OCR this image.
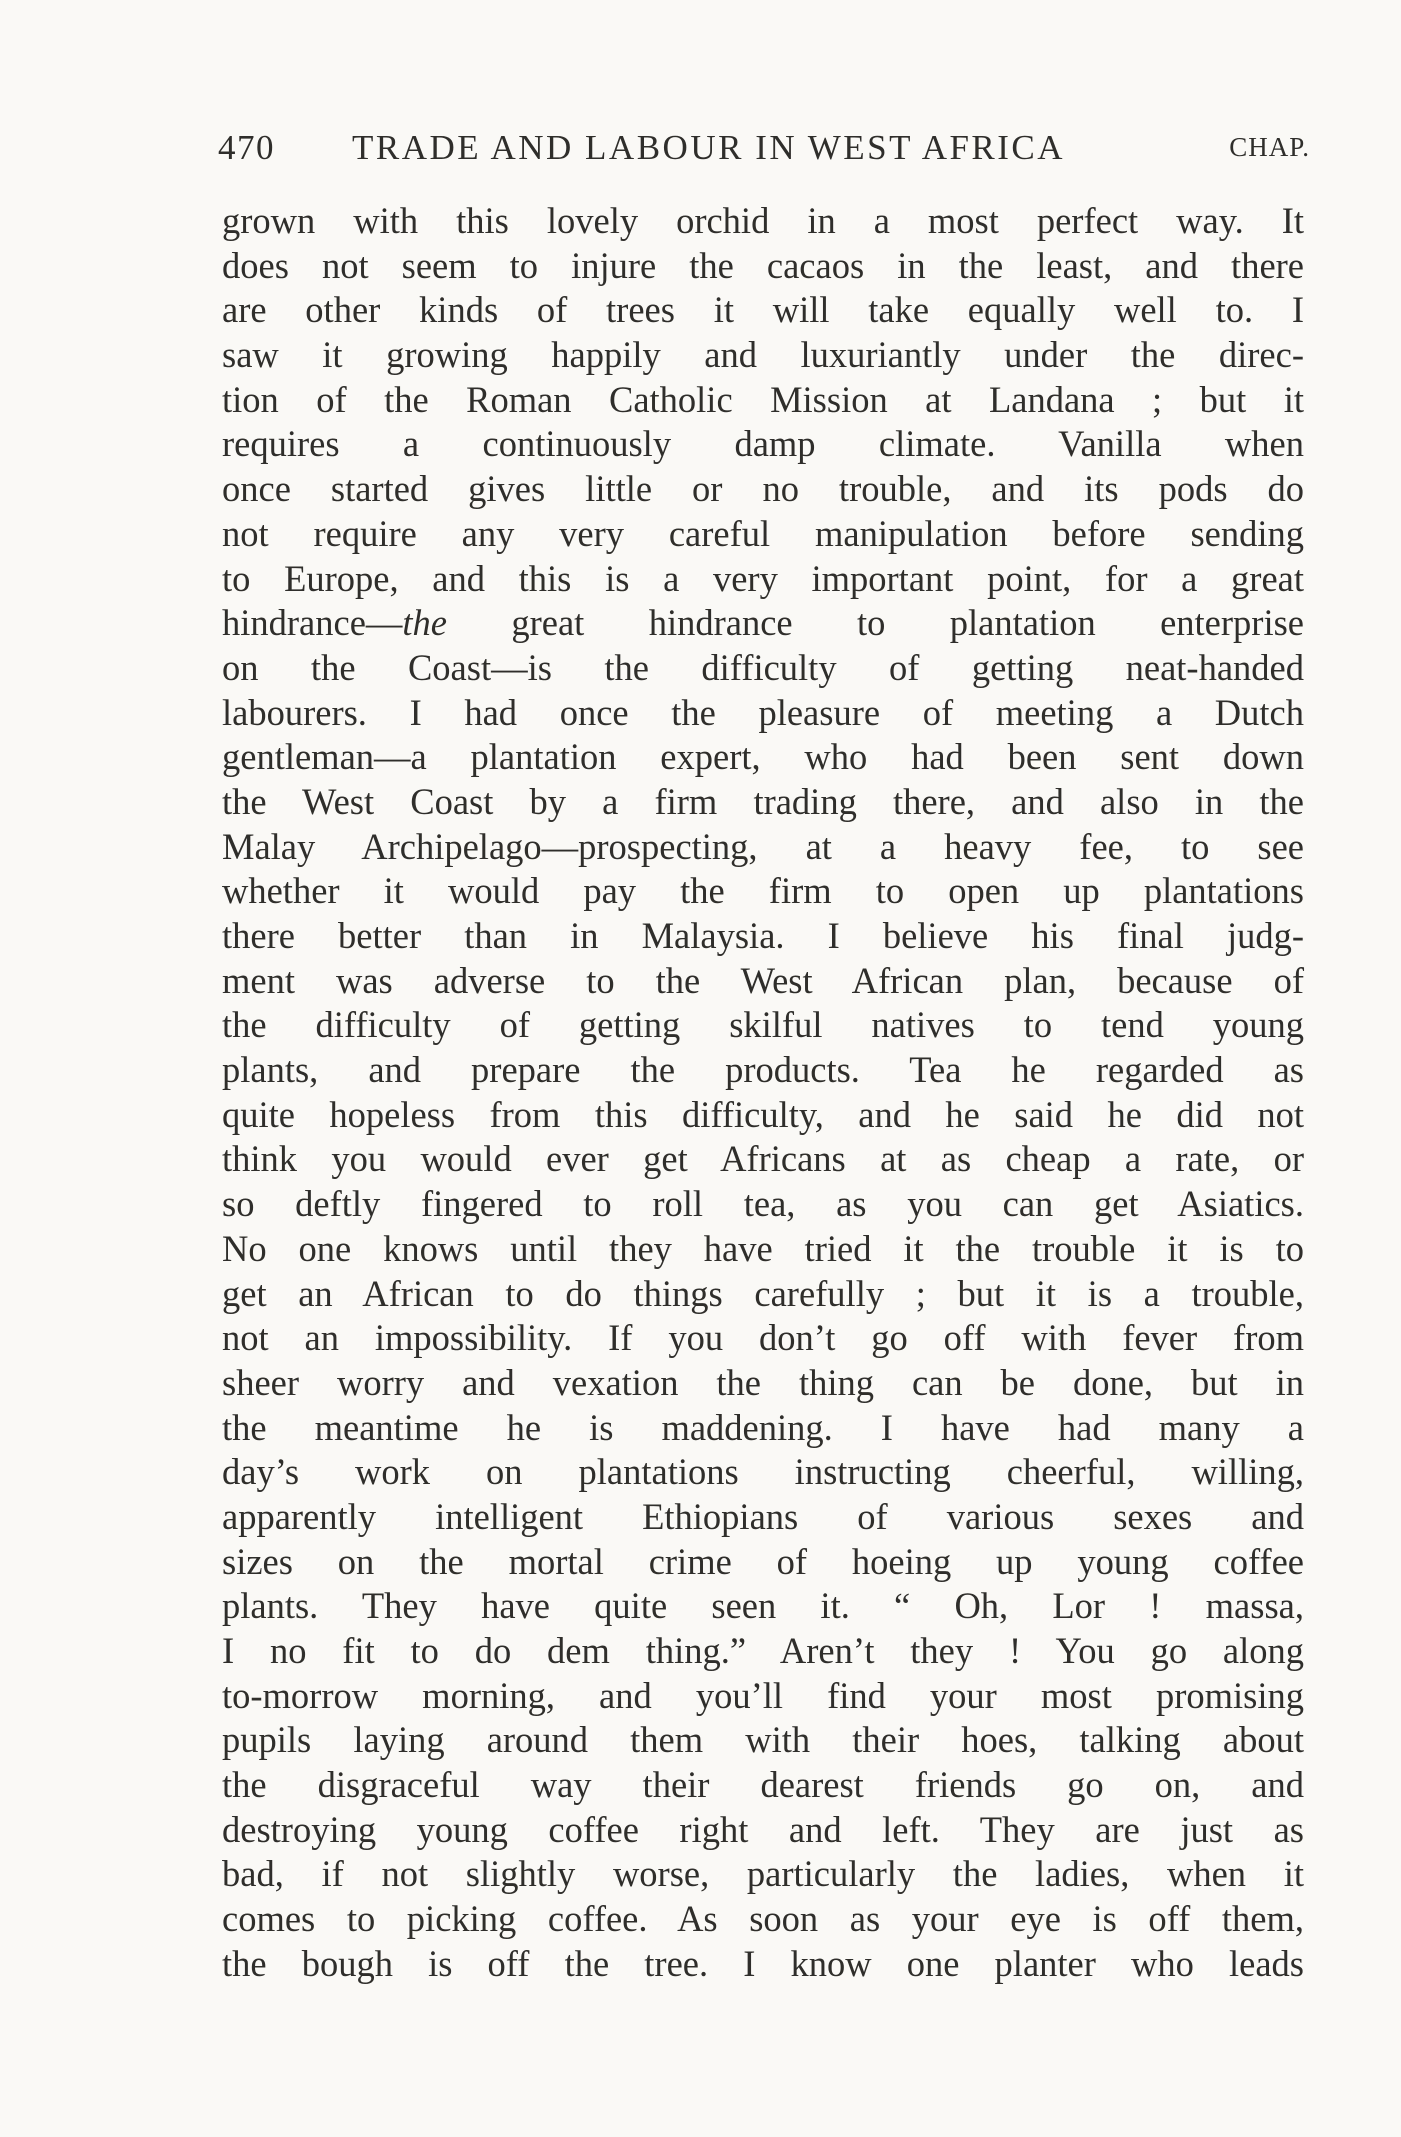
470 TRADE AND LABOUR IN WEST AFRICA	CHAP.
grown with this lovely orchid in a most perfect way. It
does not seem to injure the cacaos in the least, and there
are other kinds of trees it will take equally well to. I
saw it growing happily and luxuriantly under the direc-
tion of the Roman Catholic Mission at Landana ; but it
requires a continuously damp climate. Vanilla when
once started gives little or no trouble, and its pods do
not require any very careful manipulation before sending
to Europe, and this is a very important point, for a great
hindrance—the great hindrance to plantation enterprise
on the Coast—is the difficulty of getting neat-handed
labourers. I had once the pleasure of meeting a Dutch
gentleman—a plantation expert, who had been sent down
the West Coast by a firm trading there, and also in the
Malay Archipelago—prospecting, at a heavy fee, to see
whether it would pay the firm to open up plantations
there better than in Malaysia. I believe his final judg-
ment was adverse to the West African plan, because of
the difficulty of getting skilful natives to tend young
plants, and prepare the products. Tea he regarded as
quite hopeless from this difficulty, and he said he did not
think you would ever get Africans at as cheap a rate, or
so deftly fingered to roll tea, as you can get Asiatics.
No one knows until they have tried it the trouble it is to
get an African to do things carefully ; but it is a trouble,
not an impossibility. If you don’t go off with fever from
sheer worry and vexation the thing can be done, but in
the meantime he is maddening. I have had many a
day’s work on plantations instructing cheerful, willing,
apparently intelligent Ethiopians of various sexes and
sizes on the mortal crime of hoeing up young coffee
plants. They have quite seen it. “ Oh, Lor ! massa,
I no fit to do dem thing.” Aren’t they ! You go along
to-morrow morning, and you’ll find your most promising
pupils laying around them with their hoes, talking about
the disgraceful way their dearest friends go on, and
destroying young coffee right and left. They are just as
bad, if not slightly worse, particularly the ladies, when it
comes to picking coffee. As soon as your eye is off them,
the bough is off the tree. I know one planter who leads
